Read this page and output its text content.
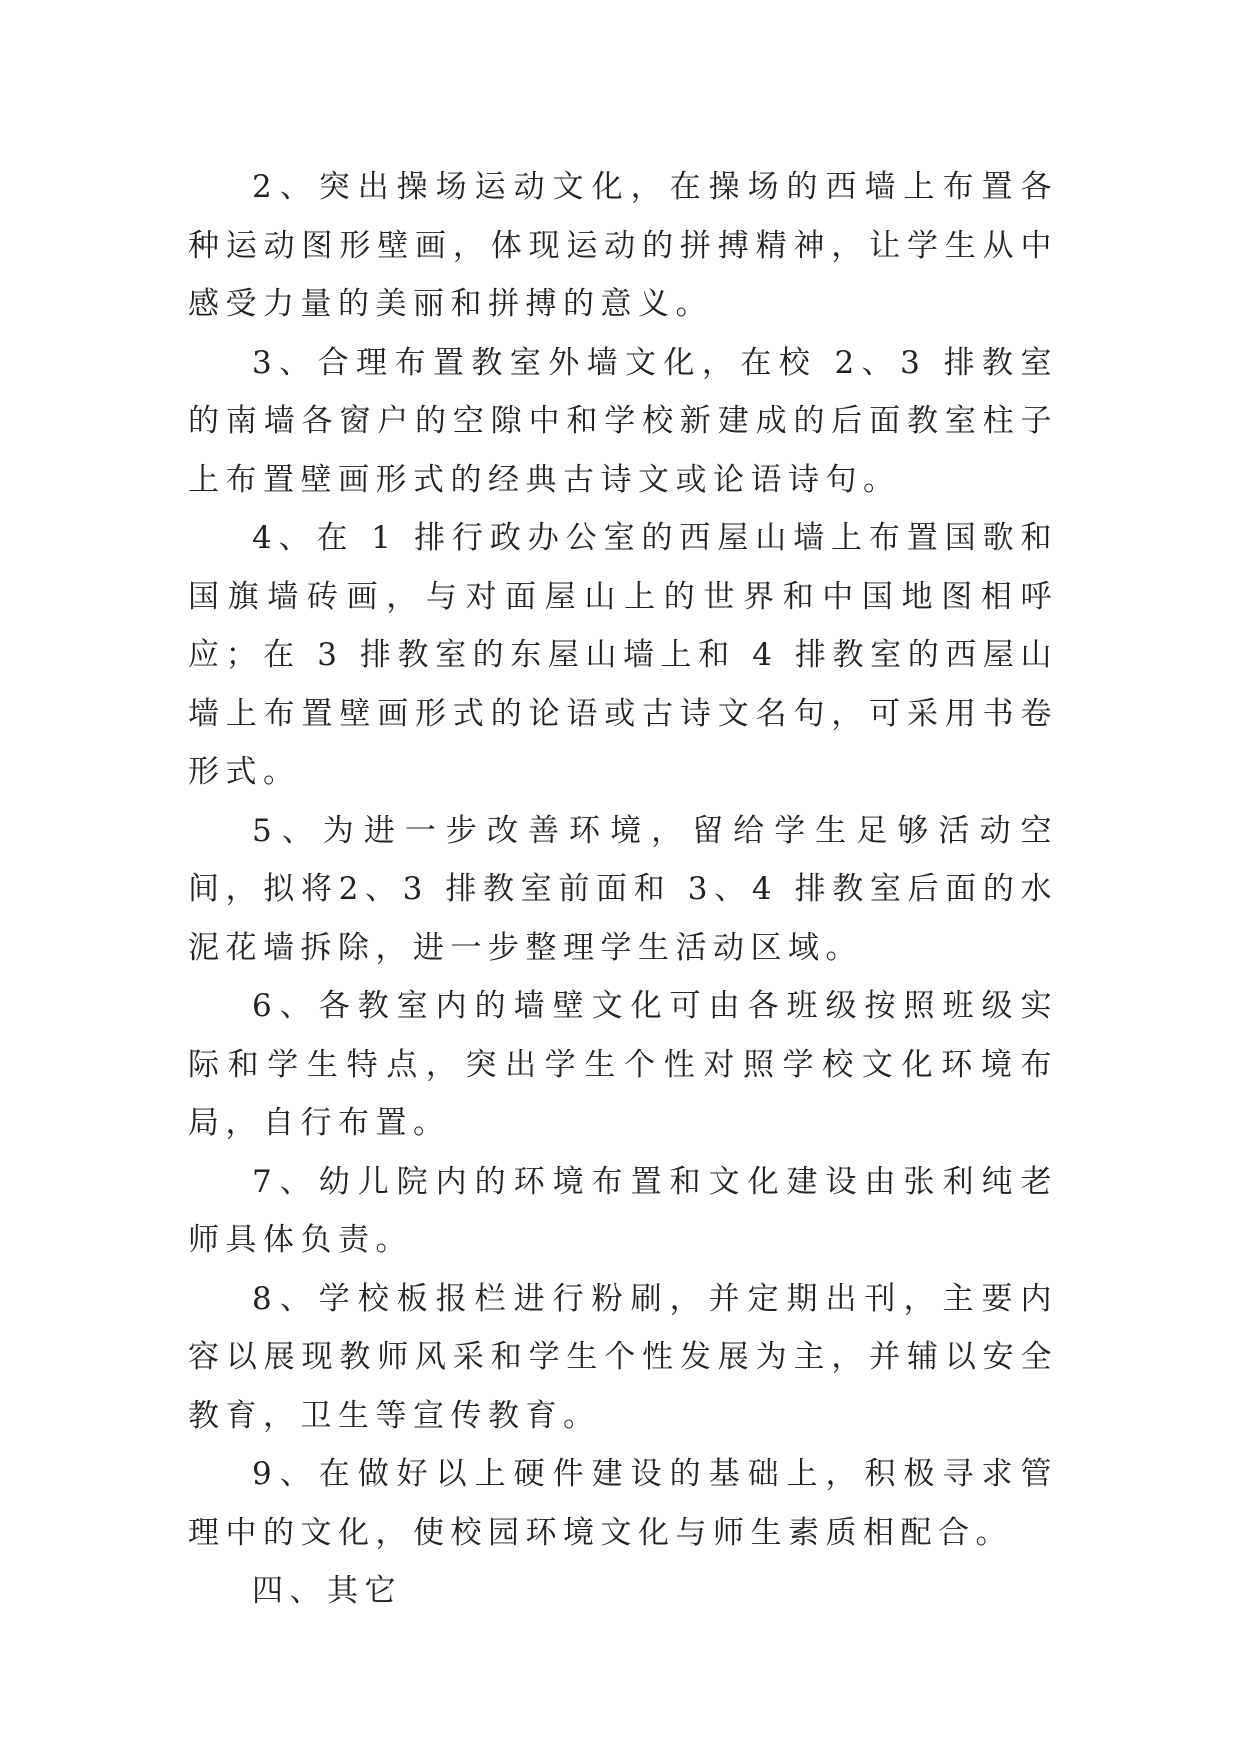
2、突出操场运动文化，在操场的西墙上布置各种运动图形壁画，体现运动的拼搏精神，让学生从中感受力量的美丽和拼搏的意义。

3、合理布置教室外墙文化，在校 2、3 排教室的南墙各窗户的空隙中和学校新建成的后面教室柱子上布置壁画形式的经典古诗文或论语诗句。

4、在 1 排行政办公室的西屋山墙上布置国歌和国旗墙砖画，与对面屋山上的世界和中国地图相呼应；在 3 排教室的东屋山墙上和 4 排教室的西屋山墙上布置壁画形式的论语或古诗文名句，可采用书卷形式。

5、为进一步改善环境，留给学生足够活动空间，拟将2、3 排教室前面和 3、4 排教室后面的水泥花墙拆除，进一步整理学生活动区域。

6、各教室内的墙壁文化可由各班级按照班级实际和学生特点，突出学生个性对照学校文化环境布局，自行布置。

7、幼儿院内的环境布置和文化建设由张利纯老师具体负责。

8、学校板报栏进行粉刷，并定期出刊，主要内容以展现教师风采和学生个性发展为主，并辅以安全教育，卫生等宣传教育。

9、在做好以上硬件建设的基础上，积极寻求管理中的文化，使校园环境文化与师生素质相配合。

四、其它
